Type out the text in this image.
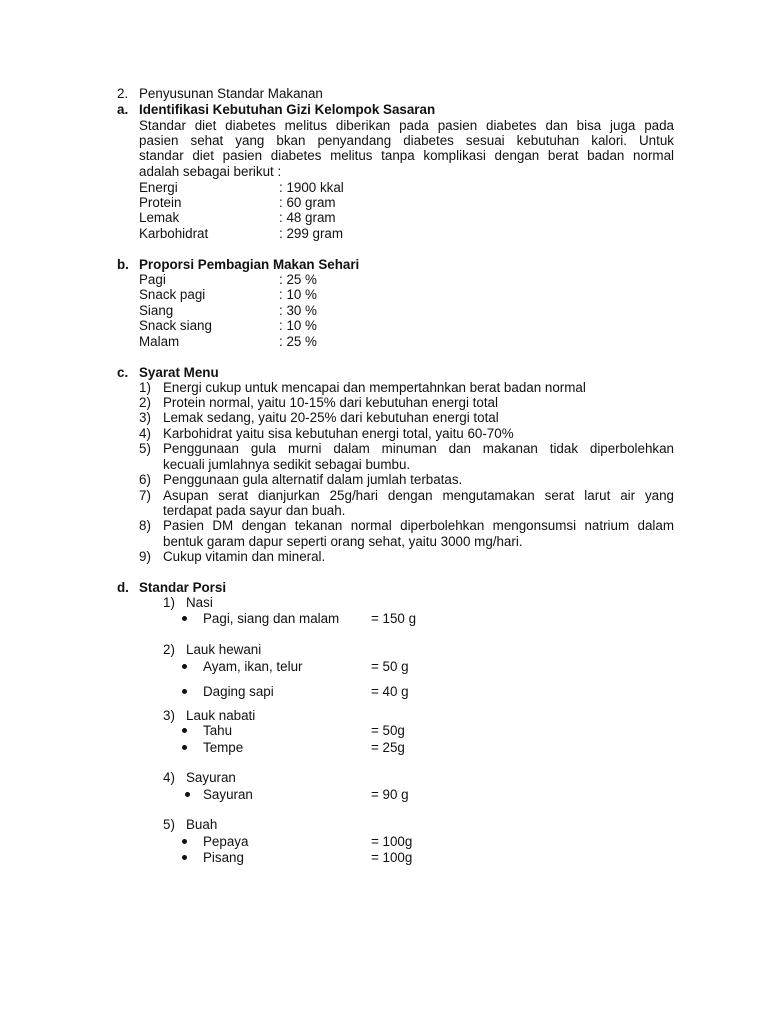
2. Penyusunan Standar Makanan
a. Identifikasi Kebutuhan Gizi Kelompok Sasaran
Standar diet diabetes melitus diberikan pada pasien diabetes dan bisa juga pada
pasien sehat yang bkan penyandang diabetes sesuai kebutuhan kalori. Untuk
standar diet pasien diabetes melitus tanpa komplikasi dengan berat badan normal
adalah sebagai berikut :
Energi	: 1900 kkal
Protein	: 60 gram
Lemak	: 48 gram
Karbohidrat	: 299 gram
b. Proporsi Pembagian Makan Sehari
Pagi	: 25 %
Snack pagi	: 10 %
Siang	: 30 %
Snack siang	: 10 %
Malam	: 25 %
c. Syarat Menu
1) Energi cukup untuk mencapai dan mempertahnkan berat badan normal
2) Protein normal, yaitu 10-15% dari kebutuhan energi total
3) Lemak sedang, yaitu 20-25% dari kebutuhan energi total
4) Karbohidrat yaitu sisa kebutuhan energi total, yaitu 60-70%
5) Penggunaan gula murni dalam minuman dan makanan tidak diperbolehkan
kecuali jumlahnya sedikit sebagai bumbu.
6) Penggunaan gula alternatif dalam jumlah terbatas.
7) Asupan serat dianjurkan 25g/hari dengan mengutamakan serat larut air yang
terdapat pada sayur dan buah.
8) Pasien DM dengan tekanan normal diperbolehkan mengonsumsi natrium dalam
bentuk garam dapur seperti orang sehat, yaitu 3000 mg/hari.
9) Cukup vitamin dan mineral.
d. Standar Porsi
1) Nasi
Pagi, siang dan malam = 150 g
2) Lauk hewani
Ayam, ikan, telur	= 50 g
Daging sapi	= 40 g
3) Lauk nabati
Tahu	= 50g
Tempe	= 25g
4) Sayuran
Sayuran	= 90 g
5) Buah
Pepaya	= 100g
Pisang	= 100g
